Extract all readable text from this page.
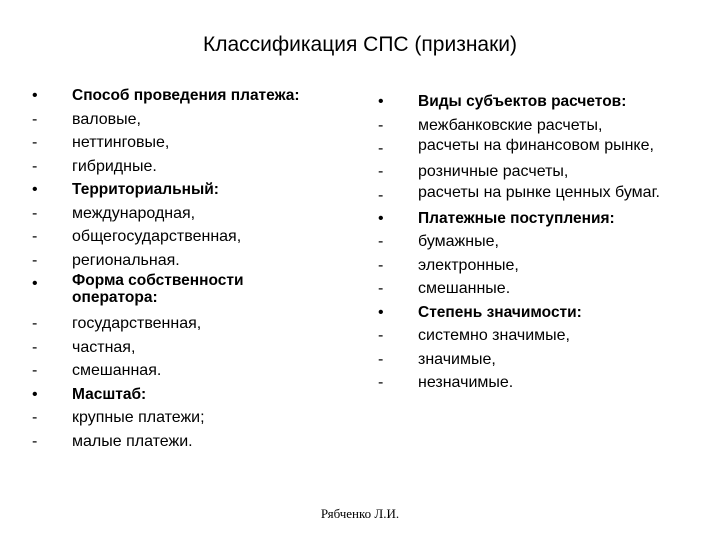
Классификация СПС (признаки)
•	Способ проведения платежа:
-	валовые,
-	неттинговые,
-	гибридные.
•	Территориальный:
-	международная,
-	общегосударственная,
-	региональная.
•	Форма собственности оператора:
-	государственная,
-	частная,
-	смешанная.
•	Масштаб:
-	крупные платежи;
-	малые платежи.
•	Виды субъектов расчетов:
-	межбанковские расчеты,
-	расчеты на финансовом рынке,
-	розничные расчеты,
-	расчеты на рынке ценных бумаг.
•	Платежные поступления:
-	бумажные,
-	электронные,
-	смешанные.
•	Степень значимости:
-	системно значимые,
-	значимые,
-	незначимые.
Рябченко Л.И.
